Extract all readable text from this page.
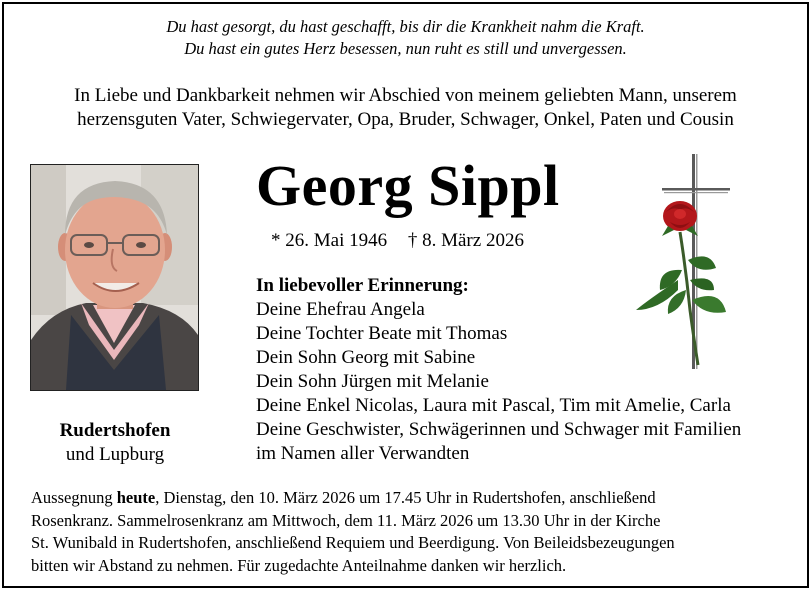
Du hast gesorgt, du hast geschafft, bis dir die Krankheit nahm die Kraft.
Du hast ein gutes Herz besessen, nun ruht es still und unvergessen.
In Liebe und Dankbarkeit nehmen wir Abschied von meinem geliebten Mann, unserem
herzensguten Vater, Schwiegervater, Opa, Bruder, Schwager, Onkel, Paten und Cousin
Rudertshofen
und Lupburg
Georg Sippl
* 26. Mai 1946 † 8. März 2026
In liebevoller Erinnerung:
Deine Ehefrau Angela
Deine Tochter Beate mit Thomas
Dein Sohn Georg mit Sabine
Dein Sohn Jürgen mit Melanie
Deine Enkel Nicolas, Laura mit Pascal, Tim mit Amelie, Carla
Deine Geschwister, Schwägerinnen und Schwager mit Familien
im Namen aller Verwandten
Aussegnung heute, Dienstag, den 10. März 2026 um 17.45 Uhr in Rudertshofen, anschließend
Rosenkranz. Sammelrosenkranz am Mittwoch, dem 11. März 2026 um 13.30 Uhr in der Kirche
St. Wunibald in Rudertshofen, anschließend Requiem und Beerdigung. Von Beileidsbezeugungen
bitten wir Abstand zu nehmen. Für zugedachte Anteilnahme danken wir herzlich.
